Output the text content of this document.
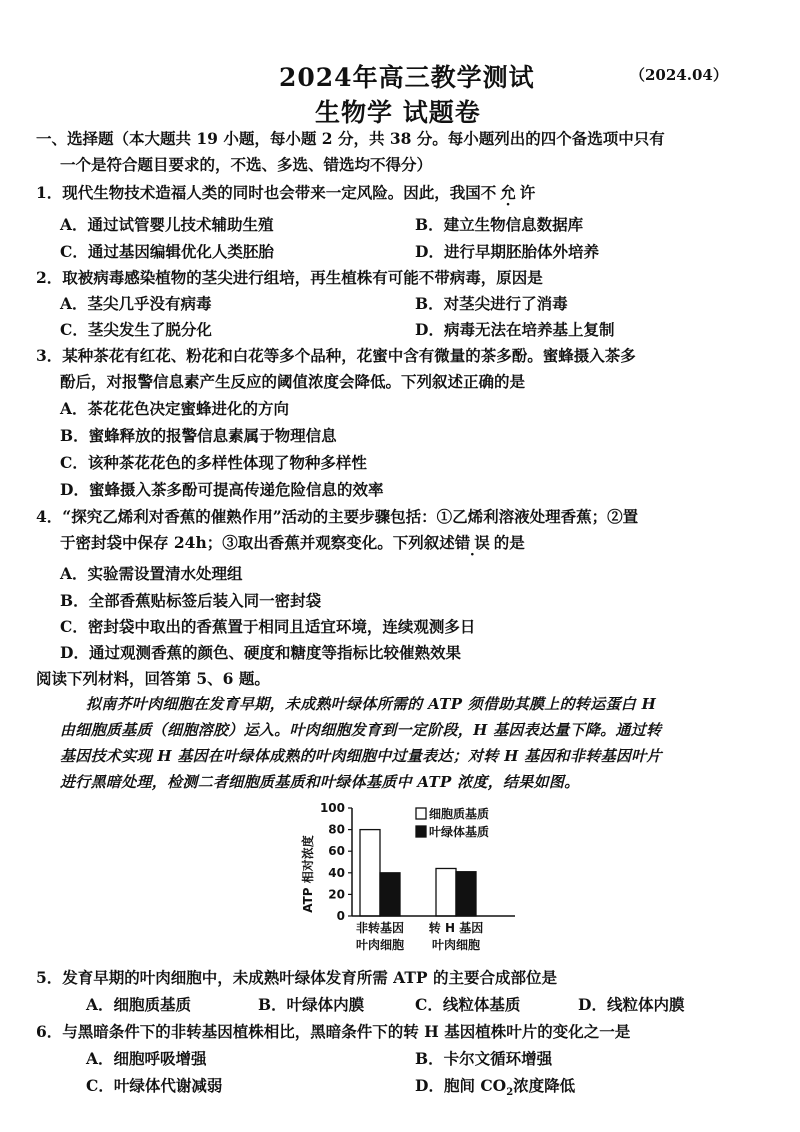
2024年高三教学测试	（2024.04）
生物学 试题卷
一、选择题（本大题共 19 小题，每小题 2 分，共 38 分。每小题列出的四个备选项中只有
一个是符合题目要求的，不选、多选、错选均不得分）
1．现代生物技术造福人类的同时也会带来一定风险。因此，我国不允许
A．通过试管婴儿技术辅助生殖	B．建立生物信息数据库
C．通过基因编辑优化人类胚胎	D．进行早期胚胎体外培养
2．取被病毒感染植物的茎尖进行组培，再生植株有可能不带病毒，原因是
A．茎尖几乎没有病毒	B．对茎尖进行了消毒
C．茎尖发生了脱分化	D．病毒无法在培养基上复制
3．某种茶花有红花、粉花和白花等多个品种，花蜜中含有微量的茶多酚。蜜蜂摄入茶多
酚后，对报警信息素产生反应的阈值浓度会降低。下列叙述正确的是
A．茶花花色决定蜜蜂进化的方向
B．蜜蜂释放的报警信息素属于物理信息
C．该种茶花花色的多样性体现了物种多样性
D．蜜蜂摄入茶多酚可提高传递危险信息的效率
4．“探究乙烯利对香蕉的催熟作用”活动的主要步骤包括：①乙烯利溶液处理香蕉；②置
于密封袋中保存 24h；③取出香蕉并观察变化。下列叙述错误的是
A．实验需设置清水处理组
B．全部香蕉贴标签后装入同一密封袋
C．密封袋中取出的香蕉置于相同且适宜环境，连续观测多日
D．通过观测香蕉的颜色、硬度和糖度等指标比较催熟效果
阅读下列材料，回答第 5、6 题。
拟南芥叶肉细胞在发育早期，未成熟叶绿体所需的 ATP 须借助其膜上的转运蛋白 H
由细胞质基质（细胞溶胶）运入。叶肉细胞发育到一定阶段，H 基因表达量下降。通过转
基因技术实现 H 基因在叶绿体成熟的叶肉细胞中过量表达；对转 H 基因和非转基因叶片
进行黑暗处理，检测二者细胞质基质和叶绿体基质中 ATP 浓度，结果如图。
ATP 相对浓度
0
20
40
60
80
100
非转基因
叶肉细胞
转 H 基因
叶肉细胞
细胞质基质
叶绿体基质
5．发育早期的叶肉细胞中，未成熟叶绿体发育所需 ATP 的主要合成部位是
A．细胞质基质	B．叶绿体内膜	C．线粒体基质	D．线粒体内膜
6．与黑暗条件下的非转基因植株相比，黑暗条件下的转 H 基因植株叶片的变化之一是
A．细胞呼吸增强	B．卡尔文循环增强
C．叶绿体代谢减弱	D．胞间 $CO_2$浓度降低
